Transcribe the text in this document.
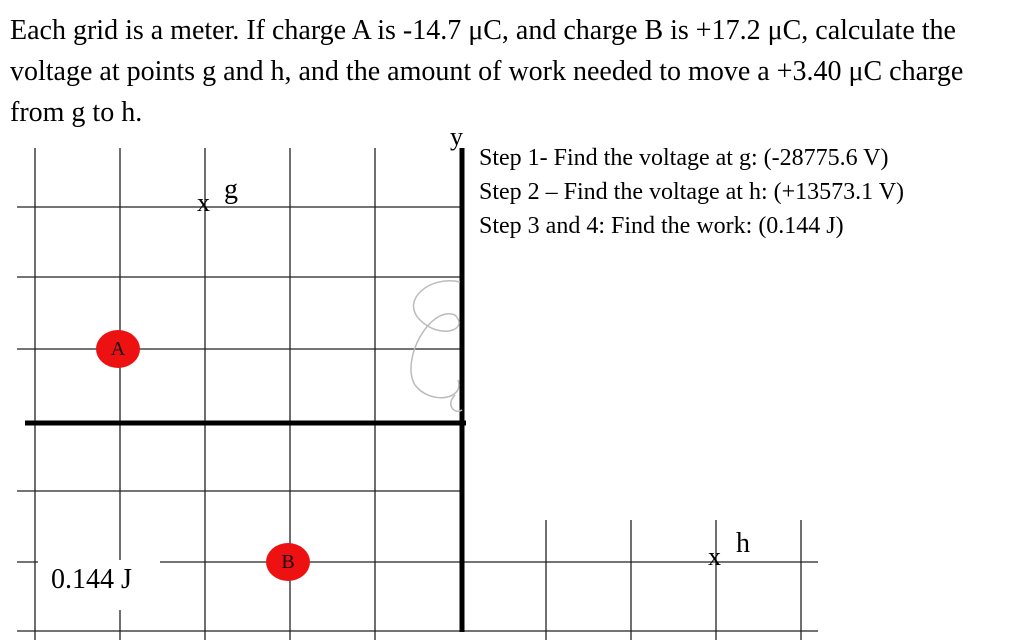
Each grid is a meter. If charge A is -14.7 μC, and charge B is +17.2 μC, calculate the voltage at points g and h, and the amount of work needed to move a +3.40 μC charge from g to h.

y
x g
x h
A
B
Step 1- Find the voltage at g: (-28775.6 V)
Step 2 – Find the voltage at h: (+13573.1 V)
Step 3 and 4: Find the work: (0.144 J)
0.144 J
